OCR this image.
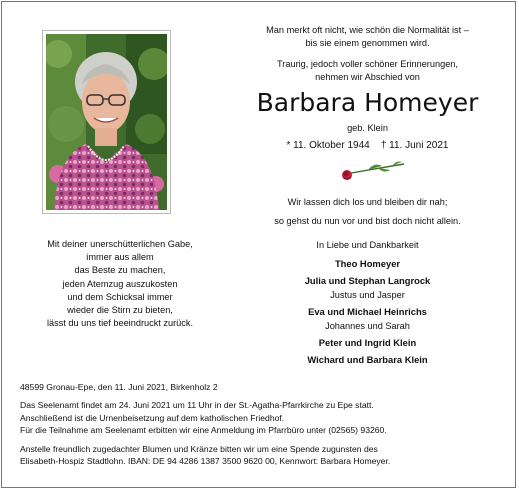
Man merkt oft nicht, wie schön die Normalität ist –
bis sie einem genommen wird.
Traurig, jedoch voller schöner Erinnerungen,
nehmen wir Abschied von
Barbara Homeyer
geb. Klein
* 11. Oktober 1944 † 11. Juni 2021
Wir lassen dich los und bleiben dir nah;
so gehst du nun vor und bist doch nicht allein.
Mit deiner unerschütterlichen Gabe,
immer aus allem
das Beste zu machen,
jeden Atemzug auszukosten
und dem Schicksal immer
wieder die Stirn zu bieten,
lässt du uns tief beeindruckt zurück.
In Liebe und Dankbarkeit
Theo Homeyer
Julia und Stephan Langrock
Justus und Jasper
Eva und Michael Heinrichs
Johannes und Sarah
Peter und Ingrid Klein
Wichard und Barbara Klein

48599 Gronau-Epe, den 11. Juni 2021, Birkenholz 2

Das Seelenamt findet am 24. Juni 2021 um 11 Uhr in der St.-Agatha-Pfarrkirche zu Epe statt.
Anschließend ist die Urnenbeisetzung auf dem katholischen Friedhof.
Für die Teilnahme am Seelenamt erbitten wir eine Anmeldung im Pfarrbüro unter (02565) 93260.

Anstelle freundlich zugedachter Blumen und Kränze bitten wir um eine Spende zugunsten des
Elisabeth-Hospiz Stadtlohn. IBAN: DE 94 4286 1387 3500 9620 00, Kennwort: Barbara Homeyer.
